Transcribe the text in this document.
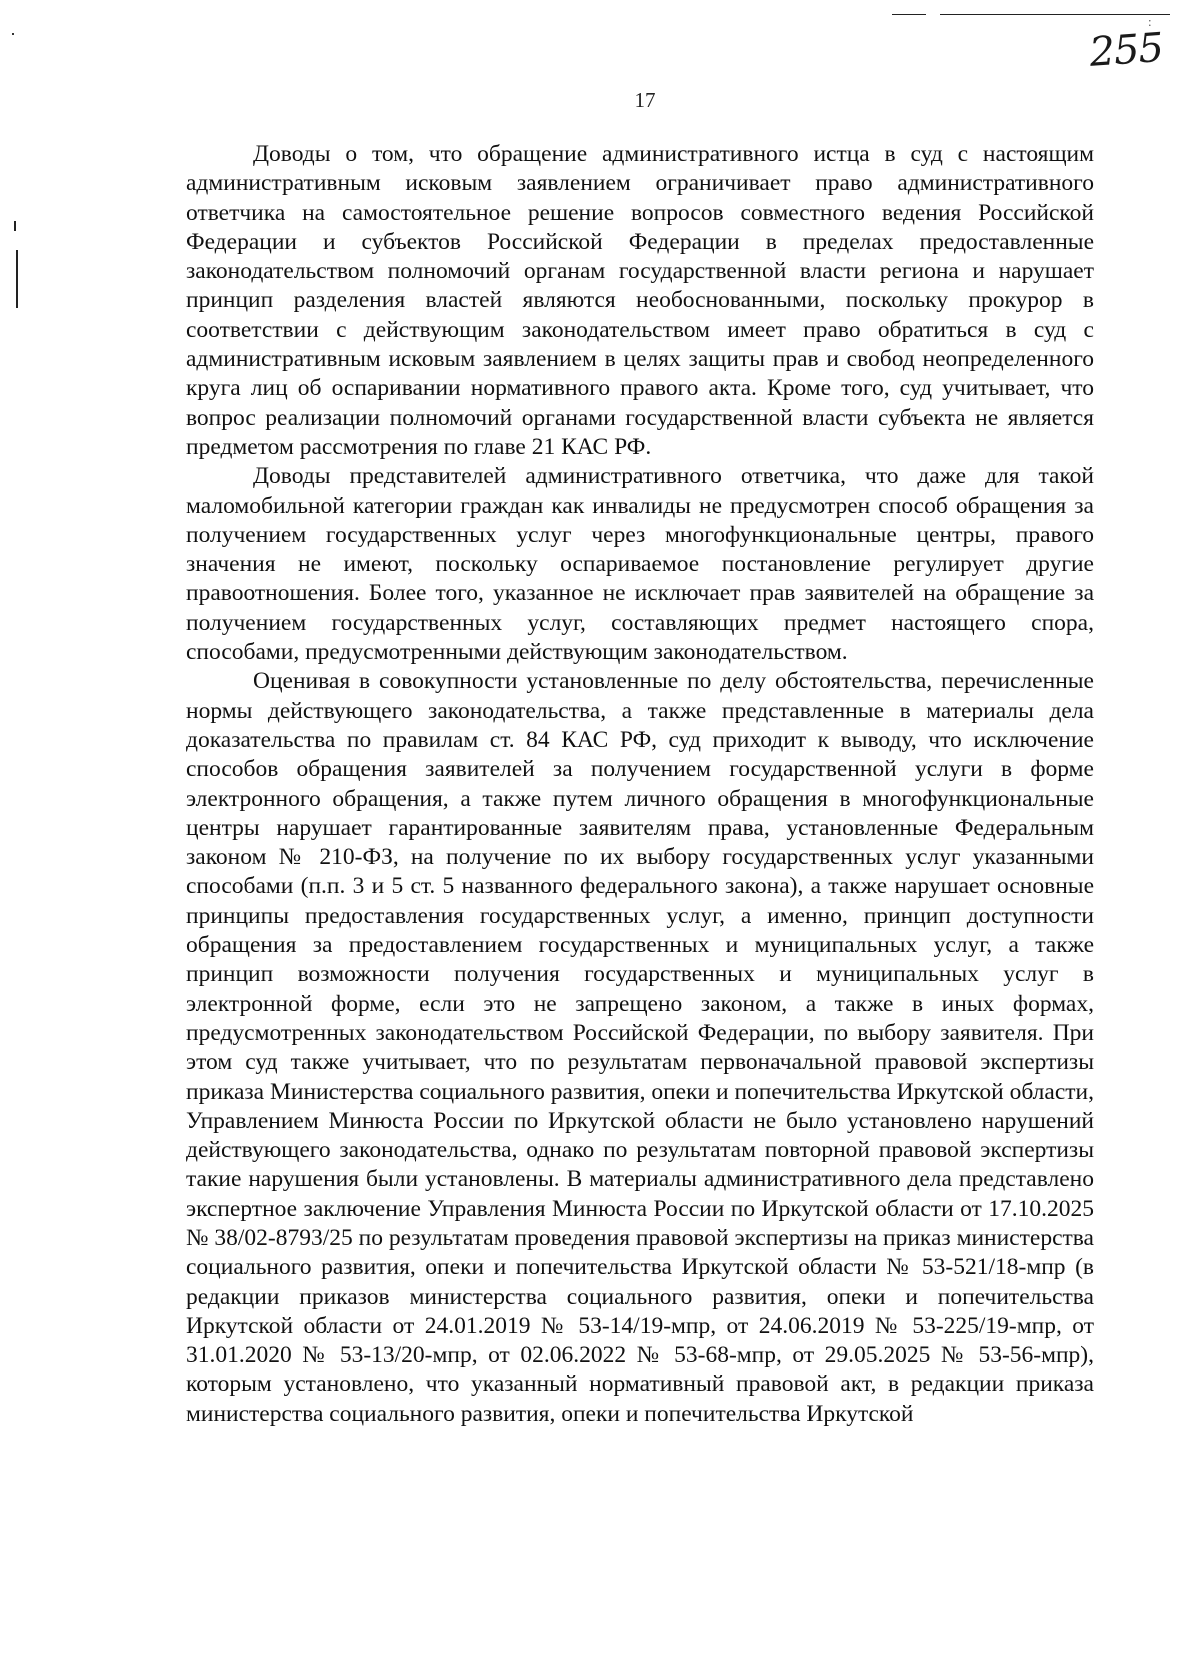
:
255
17

Доводы о том, что обращение административного истца в суд с настоящим административным исковым заявлением ограничивает право административного ответчика на самостоятельное решение вопросов совместного ведения Российской Федерации и субъектов Российской Федерации в пределах предоставленные законодательством полномочий органам государственной власти региона и нарушает принцип разделения властей являются необоснованными, поскольку прокурор в соответствии с действующим законодательством имеет право обратиться в суд с административным исковым заявлением в целях защиты прав и свобод неопределенного круга лиц об оспаривании нормативного правого акта. Кроме того, суд учитывает, что вопрос реализации полномочий органами государственной власти субъекта не является предметом рассмотрения по главе 21 КАС РФ.

Доводы представителей административного ответчика, что даже для такой маломобильной категории граждан как инвалиды не предусмотрен способ обращения за получением государственных услуг через многофункциональные центры, правого значения не имеют, поскольку оспариваемое постановление регулирует другие правоотношения. Более того, указанное не исключает прав заявителей на обращение за получением государственных услуг, составляющих предмет настоящего спора, способами, предусмотренными действующим законодательством.

Оценивая в совокупности установленные по делу обстоятельства, перечисленные нормы действующего законодательства, а также представленные в материалы дела доказательства по правилам ст. 84 КАС РФ, суд приходит к выводу, что исключение способов обращения заявителей за получением государственной услуги в форме электронного обращения, а также путем личного обращения в многофункциональные центры нарушает гарантированные заявителям права, установленные Федеральным законом № 210-ФЗ, на получение по их выбору государственных услуг указанными способами (п.п. 3 и 5 ст. 5 названного федерального закона), а также нарушает основные принципы предоставления государственных услуг, а именно, принцип доступности обращения за предоставлением государственных и муниципальных услуг, а также принцип возможности получения государственных и муниципальных услуг в электронной форме, если это не запрещено законом, а также в иных формах, предусмотренных законодательством Российской Федерации, по выбору заявителя. При этом суд также учитывает, что по результатам первоначальной правовой экспертизы приказа Министерства социального развития, опеки и попечительства Иркутской области, Управлением Минюста России по Иркутской области не было установлено нарушений действующего законодательства, однако по результатам повторной правовой экспертизы такие нарушения были установлены. В материалы административного дела представлено экспертное заключение Управления Минюста России по Иркутской области от 17.10.2025 № 38/02-8793/25 по результатам проведения правовой экспертизы на приказ министерства социального развития, опеки и попечительства Иркутской области № 53-521/18-мпр (в редакции приказов министерства социального развития, опеки и попечительства Иркутской области от 24.01.2019 № 53-14/19-мпр, от 24.06.2019 № 53-225/19-мпр, от 31.01.2020 № 53-13/20-мпр, от 02.06.2022 № 53-68-мпр, от 29.05.2025 № 53-56-мпр), которым установлено, что указанный нормативный правовой акт, в редакции приказа министерства социального развития, опеки и попечительства Иркутской
